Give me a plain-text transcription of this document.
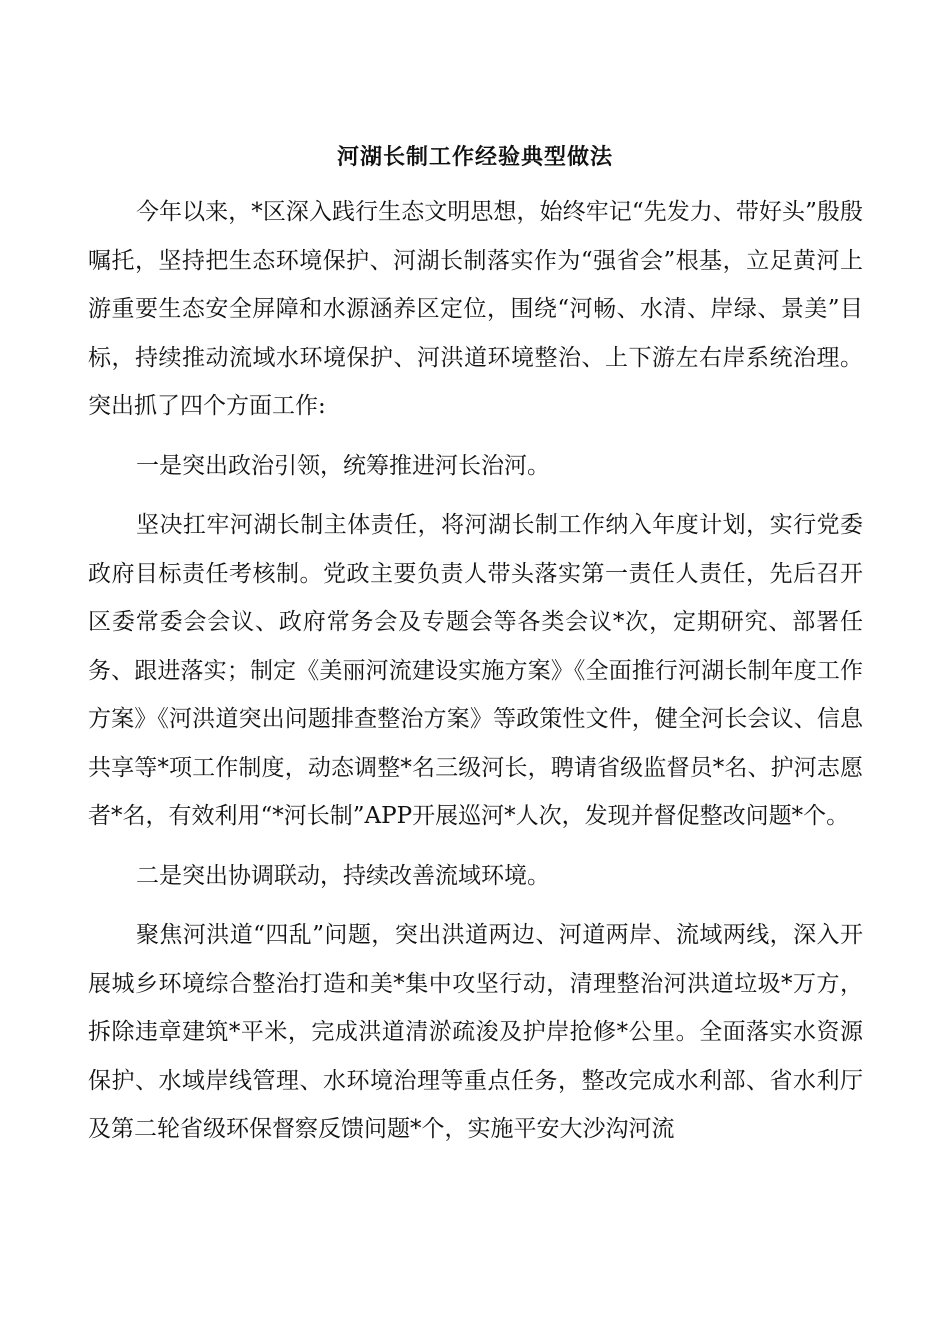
河湖长制工作经验典型做法

今年以来，*区深入践行生态文明思想，始终牢记“先发力、带好头”殷殷嘱托，坚持把生态环境保护、河湖长制落实作为“强省会”根基，立足黄河上游重要生态安全屏障和水源涵养区定位，围绕“河畅、水清、岸绿、景美”目标，持续推动流域水环境保护、河洪道环境整治、上下游左右岸系统治理。突出抓了四个方面工作:

一是突出政治引领，统筹推进河长治河。

坚决扛牢河湖长制主体责任，将河湖长制工作纳入年度计划，实行党委政府目标责任考核制。党政主要负责人带头落实第一责任人责任，先后召开区委常委会会议、政府常务会及专题会等各类会议*次，定期研究、部署任务、跟进落实；制定《美丽河流建设实施方案》《全面推行河湖长制年度工作方案》《河洪道突出问题排查整治方案》等政策性文件，健全河长会议、信息共享等*项工作制度，动态调整*名三级河长，聘请省级监督员*名、护河志愿者*名，有效利用“*河长制”APP开展巡河*人次，发现并督促整改问题*个。

二是突出协调联动，持续改善流域环境。

聚焦河洪道“四乱”问题，突出洪道两边、河道两岸、流域两线，深入开展城乡环境综合整治打造和美*集中攻坚行动，清理整治河洪道垃圾*万方，拆除违章建筑*平米，完成洪道清淤疏浚及护岸抢修*公里。全面落实水资源保护、水域岸线管理、水环境治理等重点任务，整改完成水利部、省水利厅及第二轮省级环保督察反馈问题*个，实施平安大沙沟河流
